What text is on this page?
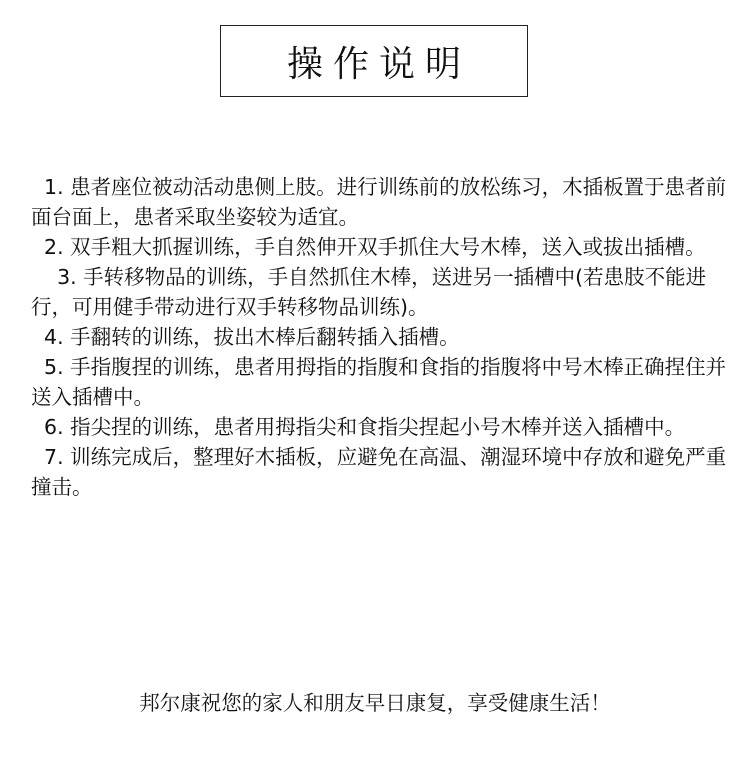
操作说明
1. 患者座位被动活动患侧上肢。进行训练前的放松练习，木插板置于患者前面台面上，患者采取坐姿较为适宜。
2. 双手粗大抓握训练，手自然伸开双手抓住大号木棒，送入或拔出插槽。
3. 手转移物品的训练，手自然抓住木棒，送进另一插槽中(若患肢不能进行，可用健手带动进行双手转移物品训练)。
4. 手翻转的训练，拔出木棒后翻转插入插槽。
5. 手指腹捏的训练，患者用拇指的指腹和食指的指腹将中号木棒正确捏住并送入插槽中。
6. 指尖捏的训练，患者用拇指尖和食指尖捏起小号木棒并送入插槽中。
7. 训练完成后，整理好木插板，应避免在高温、潮湿环境中存放和避免严重撞击。
邦尔康祝您的家人和朋友早日康复，享受健康生活！
